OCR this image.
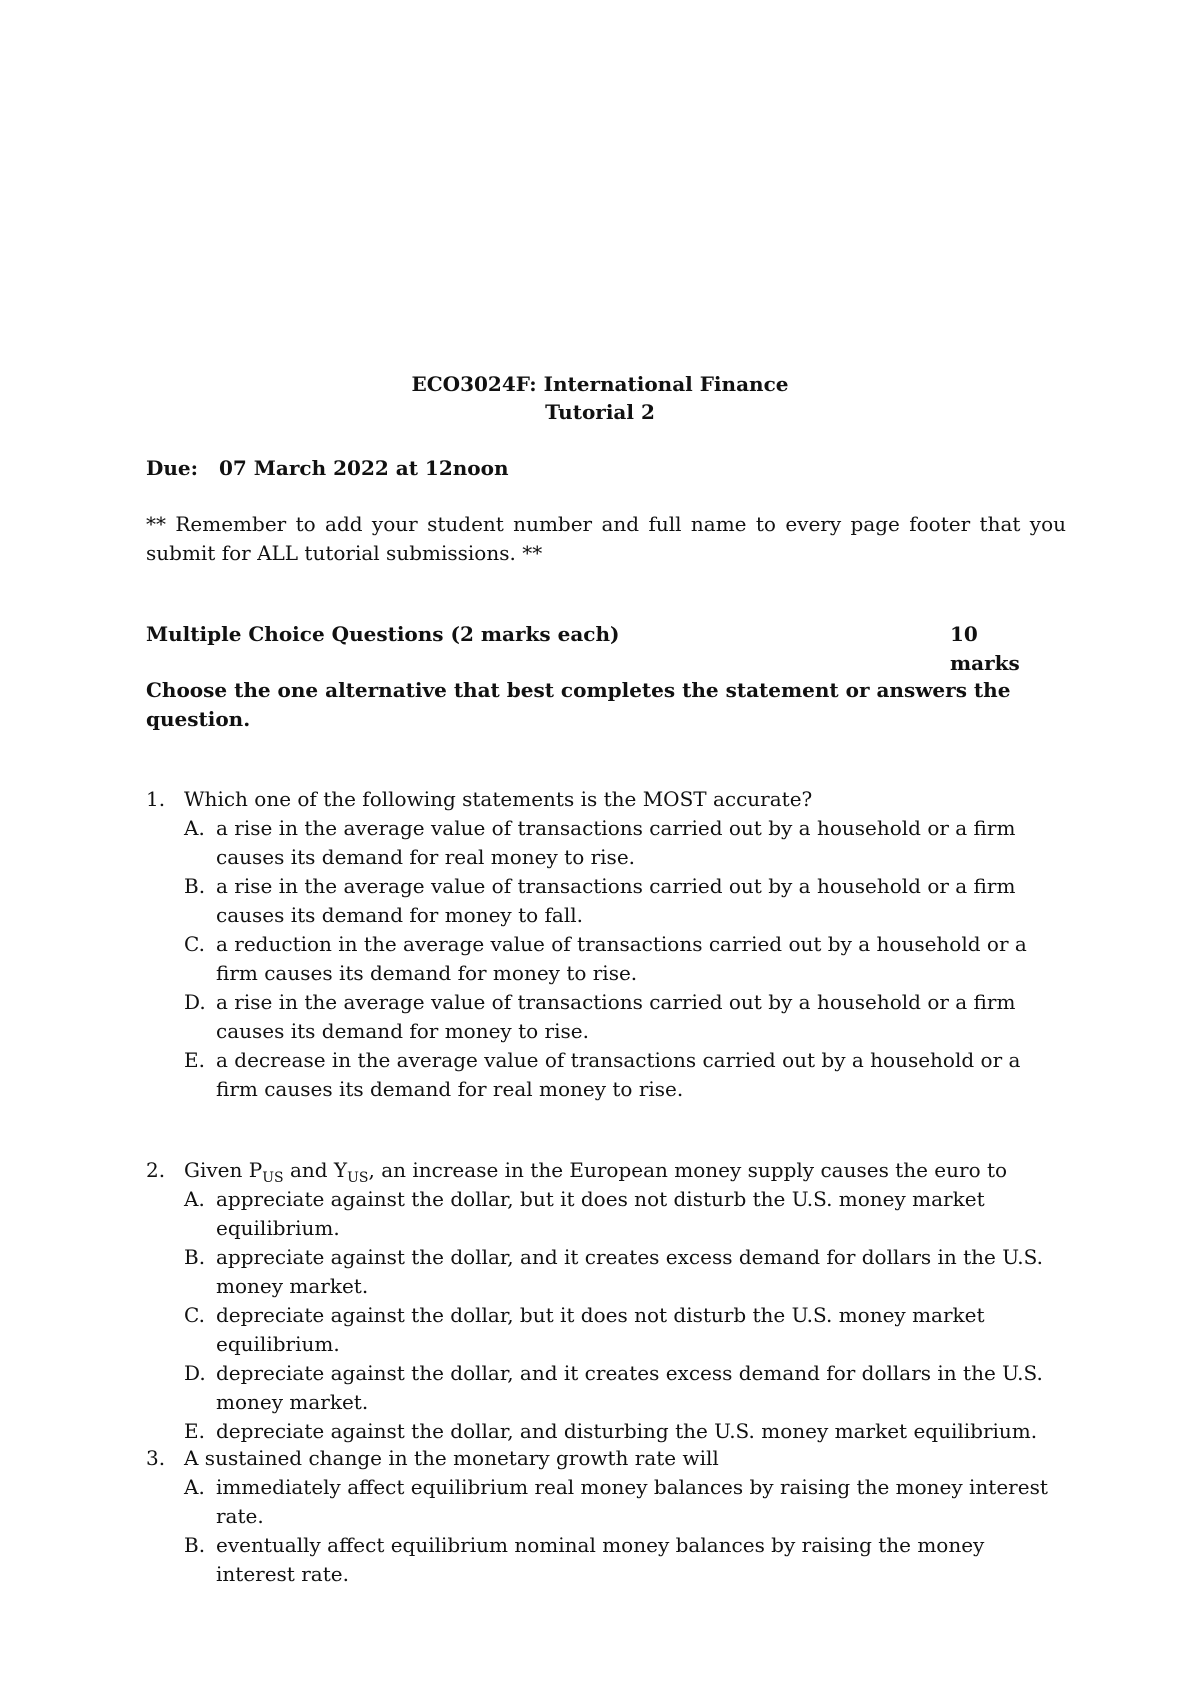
ECO3024F: International Finance
Tutorial 2
Due: 07 March 2022 at 12noon
** Remember to add your student number and full name to every page footer that you submit for ALL tutorial submissions. **
Multiple Choice Questions (2 marks each)	10 marks
Choose the one alternative that best completes the statement or answers the question.
1. Which one of the following statements is the MOST accurate?
A. a rise in the average value of transactions carried out by a household or a firm causes its demand for real money to rise.
B. a rise in the average value of transactions carried out by a household or a firm causes its demand for money to fall.
C. a reduction in the average value of transactions carried out by a household or a firm causes its demand for money to rise.
D. a rise in the average value of transactions carried out by a household or a firm causes its demand for money to rise.
E. a decrease in the average value of transactions carried out by a household or a firm causes its demand for real money to rise.
2. Given $P_{US}$ and $Y_{US}$, an increase in the European money supply causes the euro to
A. appreciate against the dollar, but it does not disturb the U.S. money market equilibrium.
B. appreciate against the dollar, and it creates excess demand for dollars in the U.S. money market.
C. depreciate against the dollar, but it does not disturb the U.S. money market equilibrium.
D. depreciate against the dollar, and it creates excess demand for dollars in the U.S. money market.
E. depreciate against the dollar, and disturbing the U.S. money market equilibrium.
3. A sustained change in the monetary growth rate will
A. immediately affect equilibrium real money balances by raising the money interest rate.
B. eventually affect equilibrium nominal money balances by raising the money interest rate.
